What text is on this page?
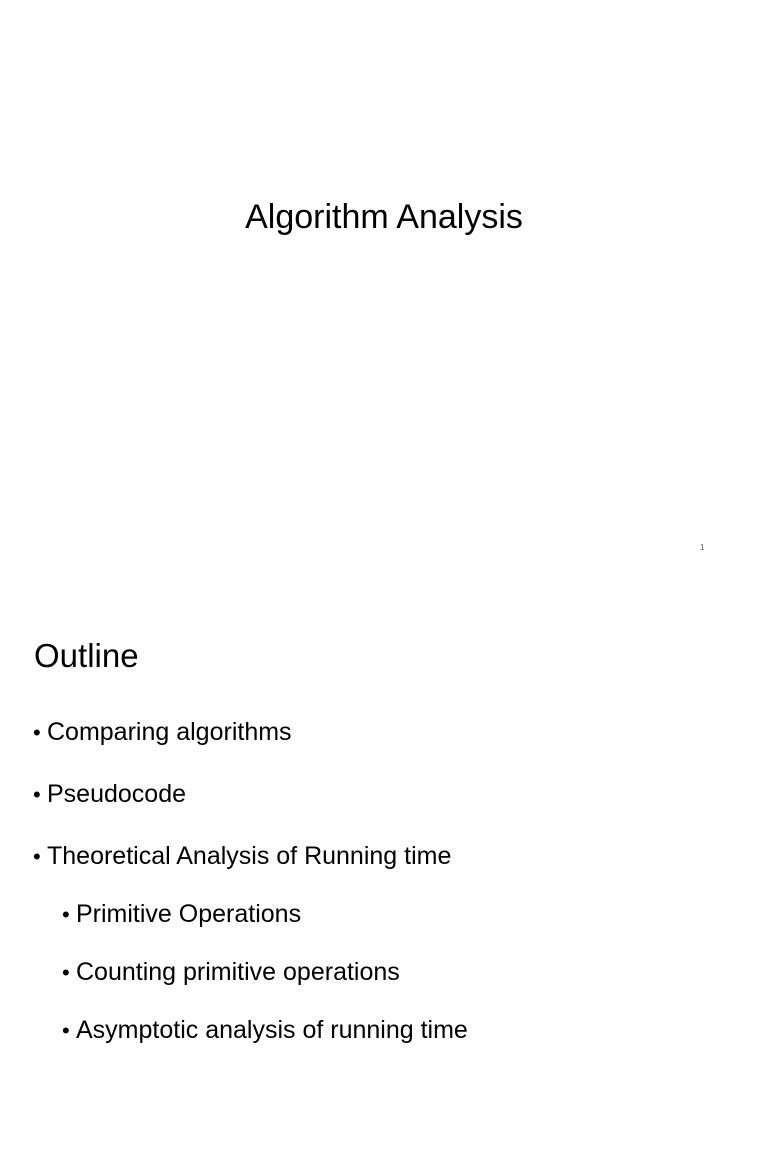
Algorithm Analysis
1
Outline
• Comparing algorithms
• Pseudocode
• Theoretical Analysis of Running time
• Primitive Operations
• Counting primitive operations
• Asymptotic analysis of running time
